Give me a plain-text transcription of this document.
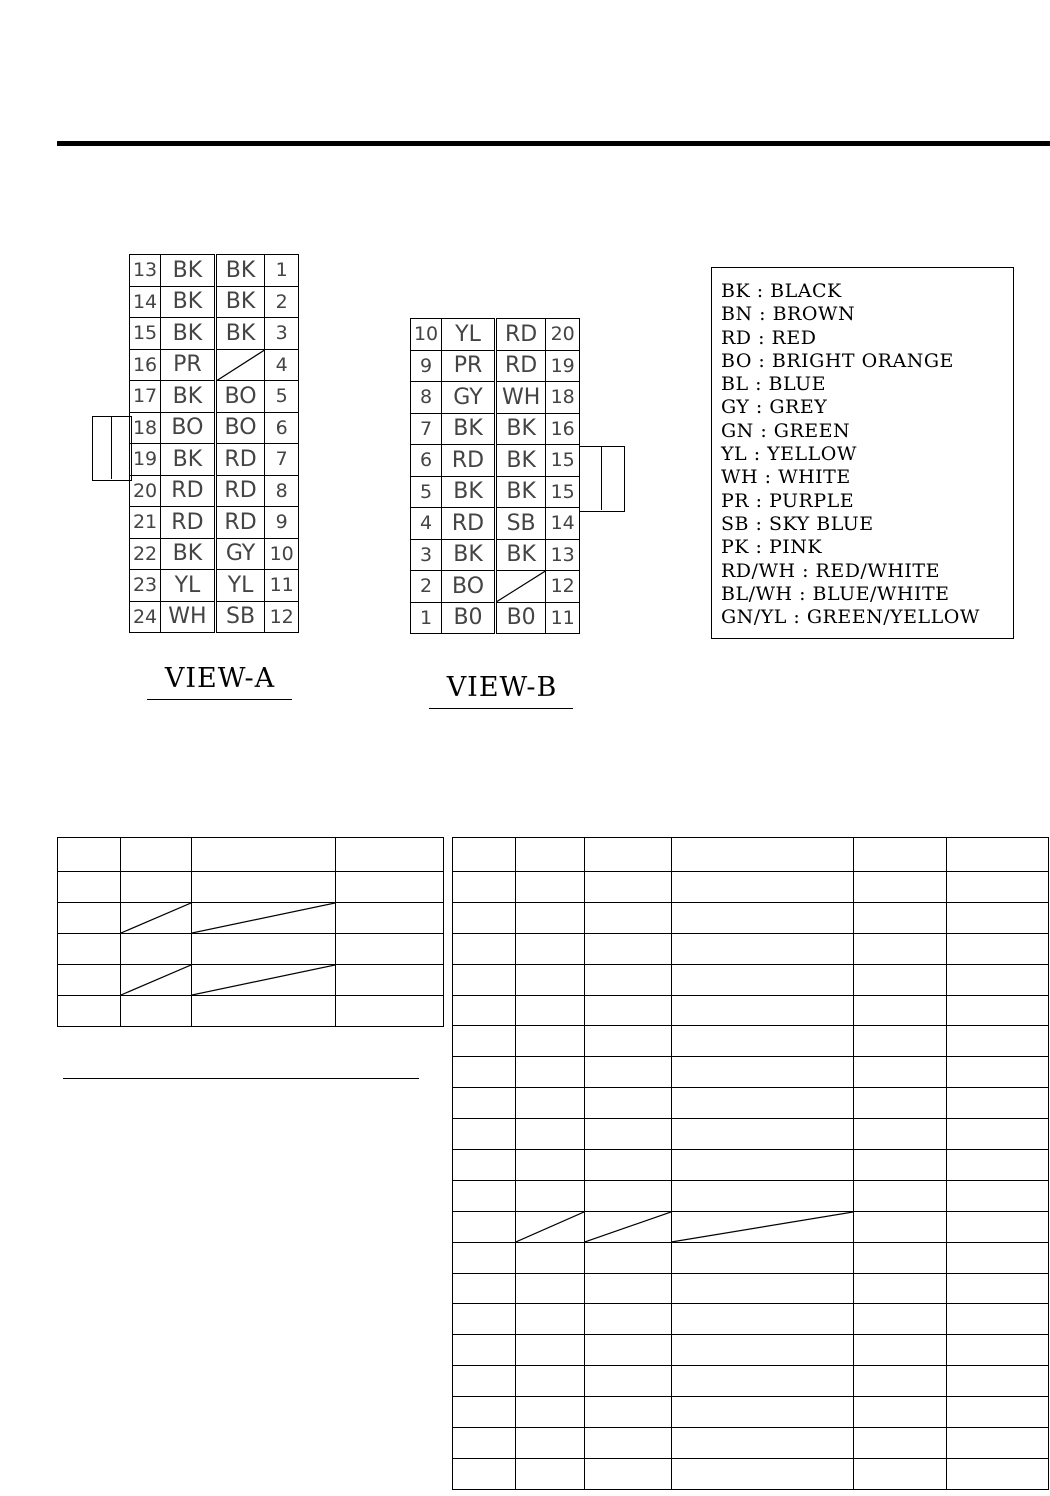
13	BK	BK	1
14	BK	BK	2
15	BK	BK	3
16	PR		4
17	BK	BO	5
18	BO	BO	6
19	BK	RD	7
20	RD	RD	8
21	RD	RD	9
22	BK	GY	10
23	YL	YL	11
24	WH	SB	12
VIEW-A
10	YL	RD	20
9	PR	RD	19
8	GY	WH	18
7	BK	BK	16
6	RD	BK	15
5	BK	BK	15
4	RD	SB	14
3	BK	BK	13
2	BO		12
1	B0	B0	11
VIEW-B
BK : BLACK
BN : BROWN
RD : RED
BO : BRIGHT ORANGE
BL : BLUE
GY : GREY
GN : GREEN
YL : YELLOW
WH : WHITE
PR : PURPLE
SB : SKY BLUE
PK : PINK
RD/WH : RED/WHITE
BL/WH : BLUE/WHITE
GN/YL : GREEN/YELLOW
